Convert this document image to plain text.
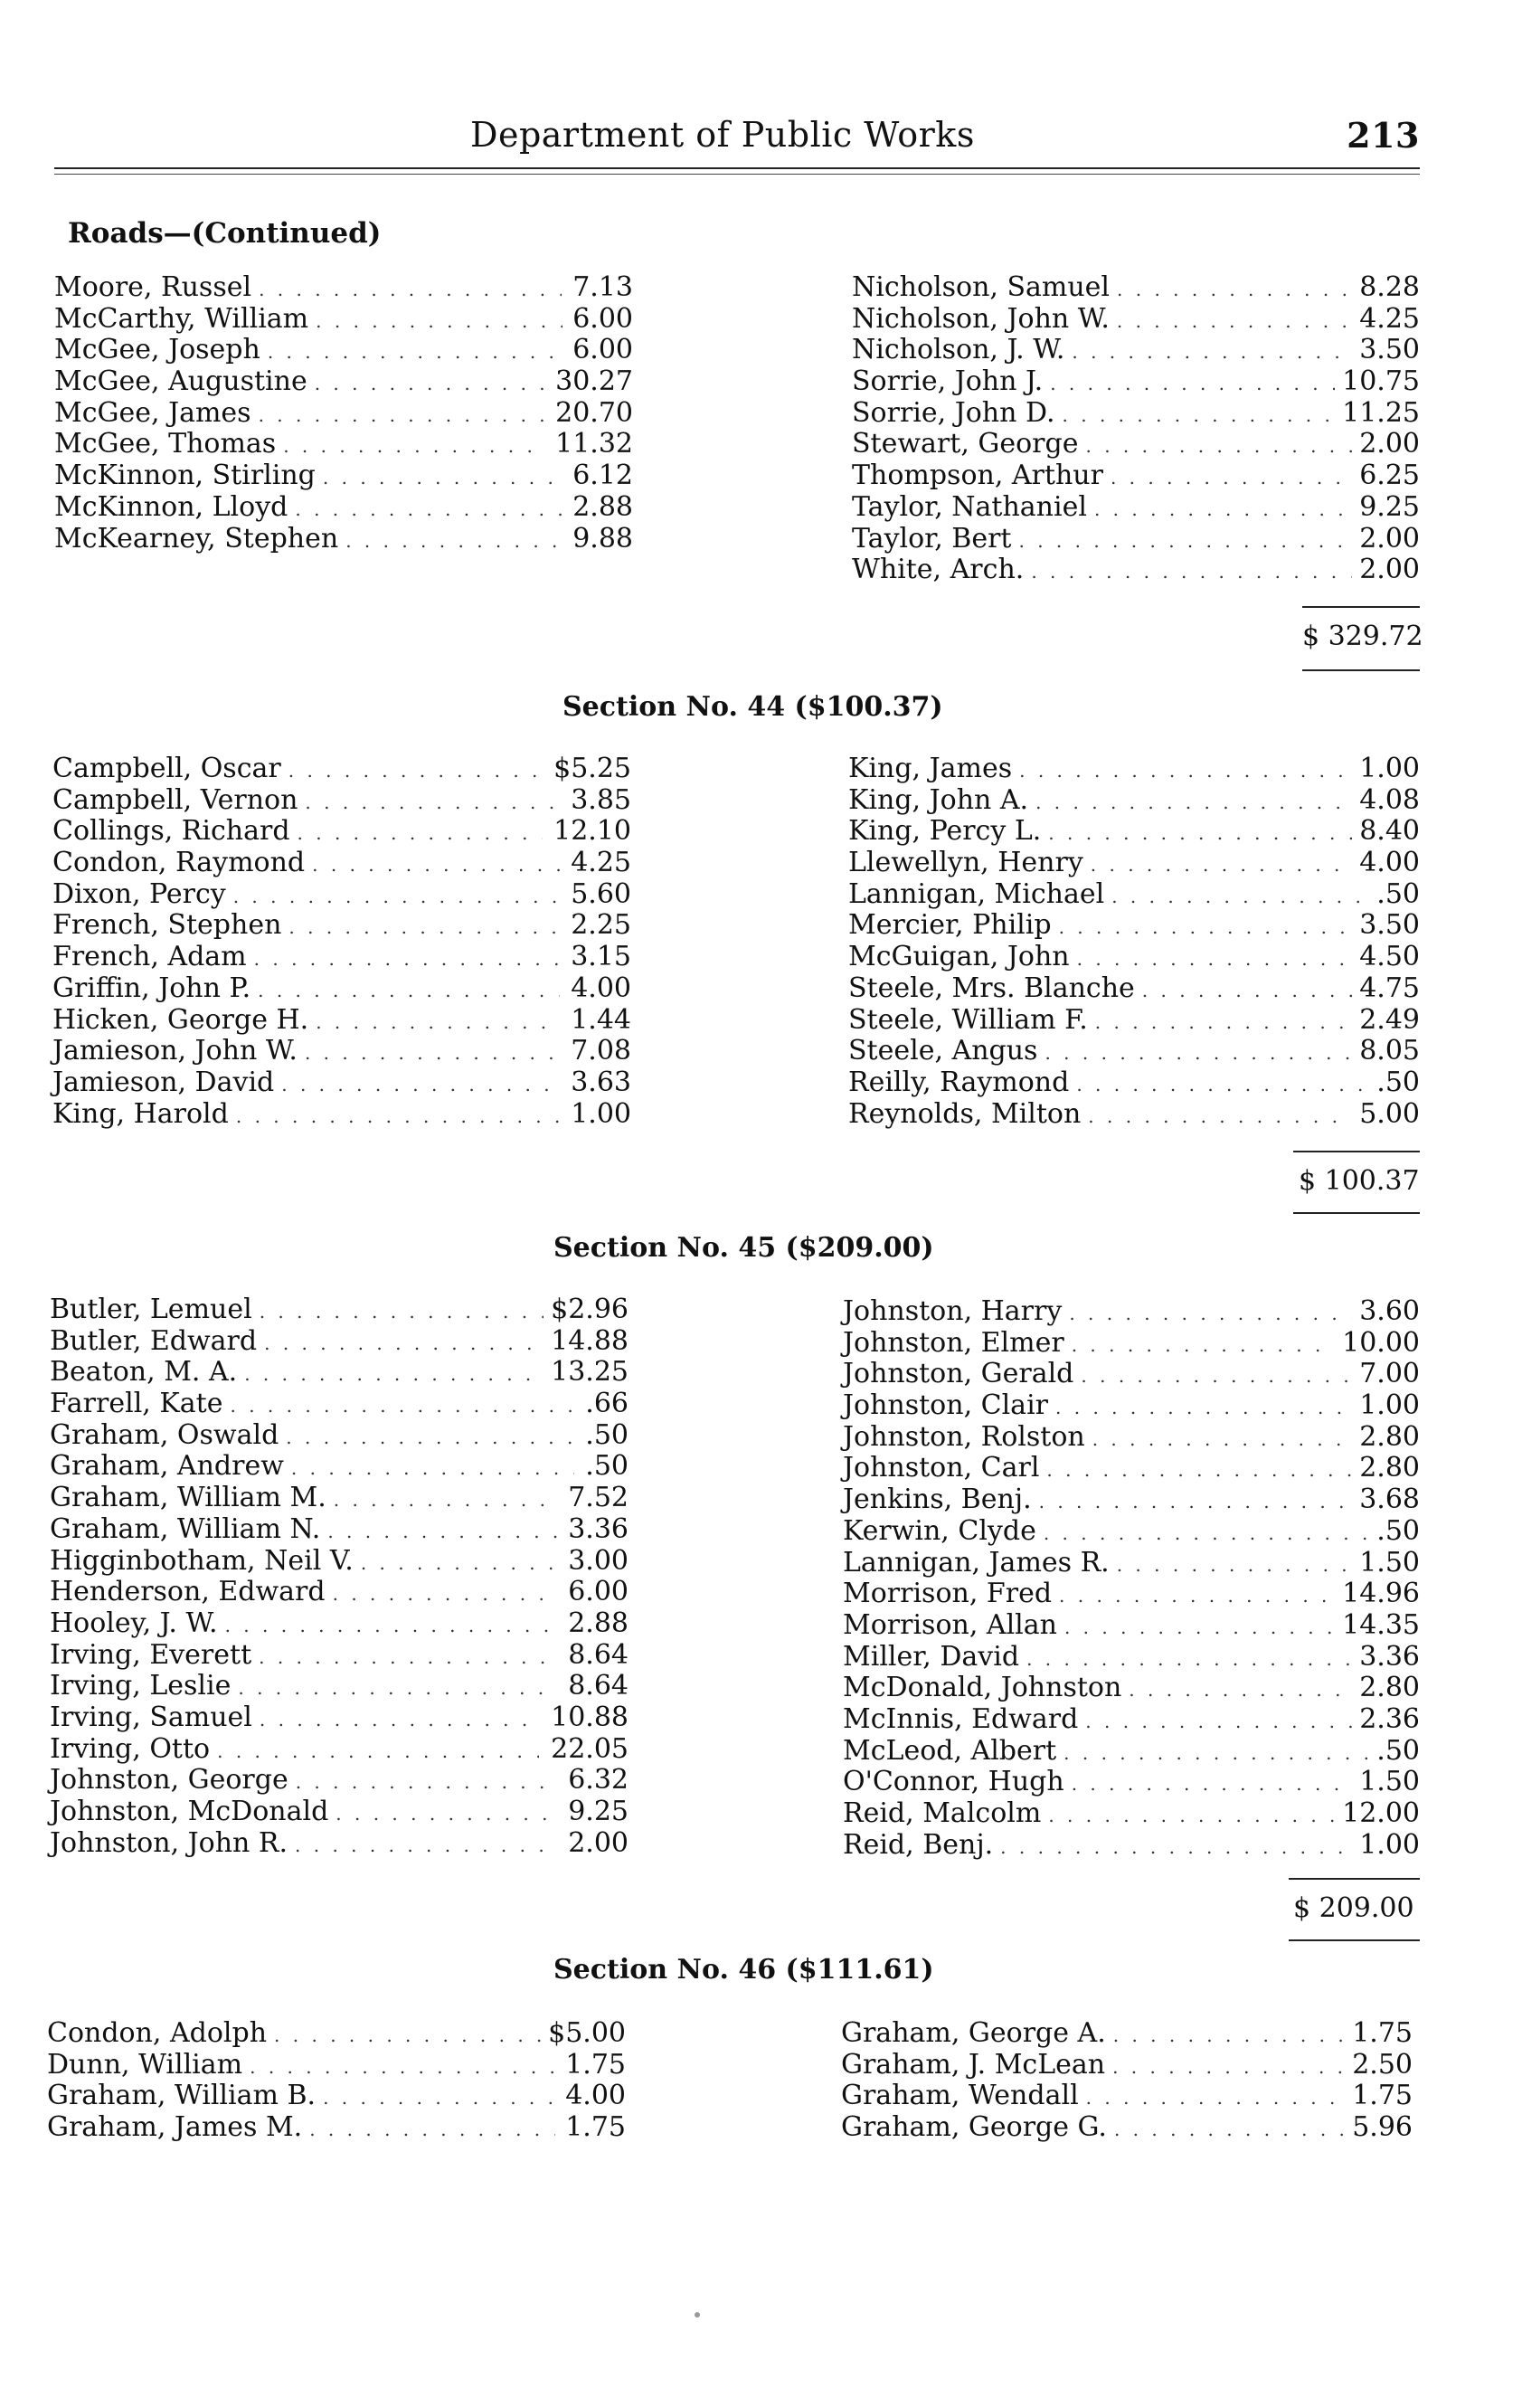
Department of Public Works	213
Roads—(Continued)
Moore, Russel . . .	7.13
McCarthy, William . . .	6.00
McGee, Joseph . . .	6.00
McGee, Augustine . . .	30.27
McGee, James . . .	20.70
McGee, Thomas . . .	11.32
McKinnon, Stirling . . .	6.12
McKinnon, Lloyd . . .	2.88
McKearney, Stephen . . .	9.88
Nicholson, Samuel . . .	8.28
Nicholson, John W. . . .	4.25
Nicholson, J. W. . . .	3.50
Sorrie, John J. . . .	10.75
Sorrie, John D. . . .	11.25
Stewart, George . . .	2.00
Thompson, Arthur . . .	6.25
Taylor, Nathaniel . . .	9.25
Taylor, Bert . . .	2.00
White, Arch. . . .	2.00
$ 329.72
Section No. 44 ($100.37)
Campbell, Oscar . . .	$ 5.25
Campbell, Vernon . . .	3.85
Collings, Richard . . .	12.10
Condon, Raymond . . .	4.25
Dixon, Percy . . .	5.60
French, Stephen . . .	2.25
French, Adam . . .	3.15
Griffin, John P. . . .	4.00
Hicken, George H. . . .	1.44
Jamieson, John W. . . .	7.08
Jamieson, David . . .	3.63
King, Harold . . .	1.00
King, James . . .	1.00
King, John A. . . .	4.08
King, Percy L. . . .	8.40
Llewellyn, Henry . . .	4.00
Lannigan, Michael . . .	.50
Mercier, Philip . . .	3.50
McGuigan, John . . .	4.50
Steele, Mrs. Blanche . . .	4.75
Steele, William F. . . .	2.49
Steele, Angus . . .	8.05
Reilly, Raymond . . .	.50
Reynolds, Milton . . .	5.00
$ 100.37
Section No. 45 ($209.00)
Butler, Lemuel . . .	$ 2.96
Butler, Edward . . .	14.88
Beaton, M. A. . . .	13.25
Farrell, Kate . . .	.66
Graham, Oswald . . .	.50
Graham, Andrew . . .	.50
Graham, William M. . . .	7.52
Graham, William N. . . .	3.36
Higginbotham, Neil V. . . .	3.00
Henderson, Edward . . .	6.00
Hooley, J. W. . . .	2.88
Irving, Everett . . .	8.64
Irving, Leslie . . .	8.64
Irving, Samuel . . .	10.88
Irving, Otto . . .	22.05
Johnston, George . . .	6.32
Johnston, McDonald . . .	9.25
Johnston, John R. . . .	2.00
Johnston, Harry . . .	3.60
Johnston, Elmer . . .	10.00
Johnston, Gerald . . .	7.00
Johnston, Clair . . .	1.00
Johnston, Rolston . . .	2.80
Johnston, Carl . . .	2.80
Jenkins, Benj. . . .	3.68
Kerwin, Clyde . . .	.50
Lannigan, James R. . . .	1.50
Morrison, Fred . . .	14.96
Morrison, Allan . . .	14.35
Miller, David . . .	3.36
McDonald, Johnston . . .	2.80
McInnis, Edward . . .	2.36
McLeod, Albert . . .	.50
O'Connor, Hugh . . .	1.50
Reid, Malcolm . . .	12.00
Reid, Benj. . . .	1.00
$ 209.00
Section No. 46 ($111.61)
Condon, Adolph . . .	$ 5.00
Dunn, William . . .	1.75
Graham, William B. . . .	4.00
Graham, James M. . . .	1.75
Graham, George A. . . .	1.75
Graham, J. McLean . . .	2.50
Graham, Wendall . . .	1.75
Graham, George G. . . .	5.96
